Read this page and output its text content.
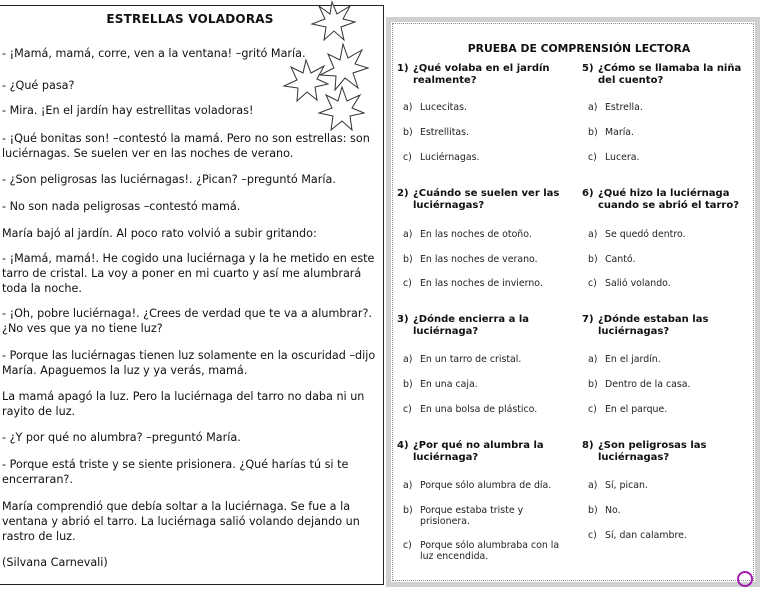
ESTRELLAS VOLADORAS

- ¡Mamá, mamá, corre, ven a la ventana! –gritó María.

- ¿Qué pasa?

- Mira. ¡En el jardín hay estrellitas voladoras!

- ¡Qué bonitas son! –contestó la mamá. Pero no son estrellas: son luciérnagas. Se suelen ver en las noches de verano.

- ¿Son peligrosas las luciérnagas!. ¿Pican? –preguntó María.

- No son nada peligrosas –contestó mamá.

María bajó al jardín. Al poco rato volvió a subir gritando:

- ¡Mamá, mamá!. He cogido una luciérnaga y la he metido en este tarro de cristal. La voy a poner en mi cuarto y así me alumbrará toda la noche.

- ¡Oh, pobre luciérnaga!. ¿Crees de verdad que te va a alumbrar?. ¿No ves que ya no tiene luz?

- Porque las luciérnagas tienen luz solamente en la oscuridad –dijo María. Apaguemos la luz y ya verás, mamá.

La mamá apagó la luz. Pero la luciérnaga del tarro no daba ni un rayito de luz.

- ¿Y por qué no alumbra? –preguntó María.

- Porque está triste y se siente prisionera. ¿Qué harías tú si te encerraran?.

María comprendió que debía soltar a la luciérnaga. Se fue a la ventana y abrió el tarro. La luciérnaga salió volando dejando un rastro de luz.

(Silvana Carnevali)

PRUEBA DE COMPRENSIÓN LECTORA
1) ¿Qué volaba en el jardín
realmente?
a) Lucecitas.
b) Estrellitas.
c) Luciérnagas.
5) ¿Cómo se llamaba la niña
del cuento?
a) Estrella.
b) María.
c) Lucera.
2) ¿Cuándo se suelen ver las
luciérnagas?
a) En las noches de otoño.
b) En las noches de verano.
c) En las noches de invierno.
6) ¿Qué hizo la luciérnaga
cuando se abrió el tarro?
a) Se quedó dentro.
b) Cantó.
c) Salió volando.
3) ¿Dónde encierra a la
luciérnaga?
a) En un tarro de cristal.
b) En una caja.
c) En una bolsa de plástico.
7) ¿Dónde estaban las
luciérnagas?
a) En el jardín.
b) Dentro de la casa.
c) En el parque.
4) ¿Por qué no alumbra la
luciérnaga?
a) Porque sólo alumbra de día.
b) Porque estaba triste y
prisionera.
c) Porque sólo alumbraba con la
luz encendida.
8) ¿Son peligrosas las
luciérnagas?
a) Sí, pican.
b) No.
c) Sí, dan calambre.
